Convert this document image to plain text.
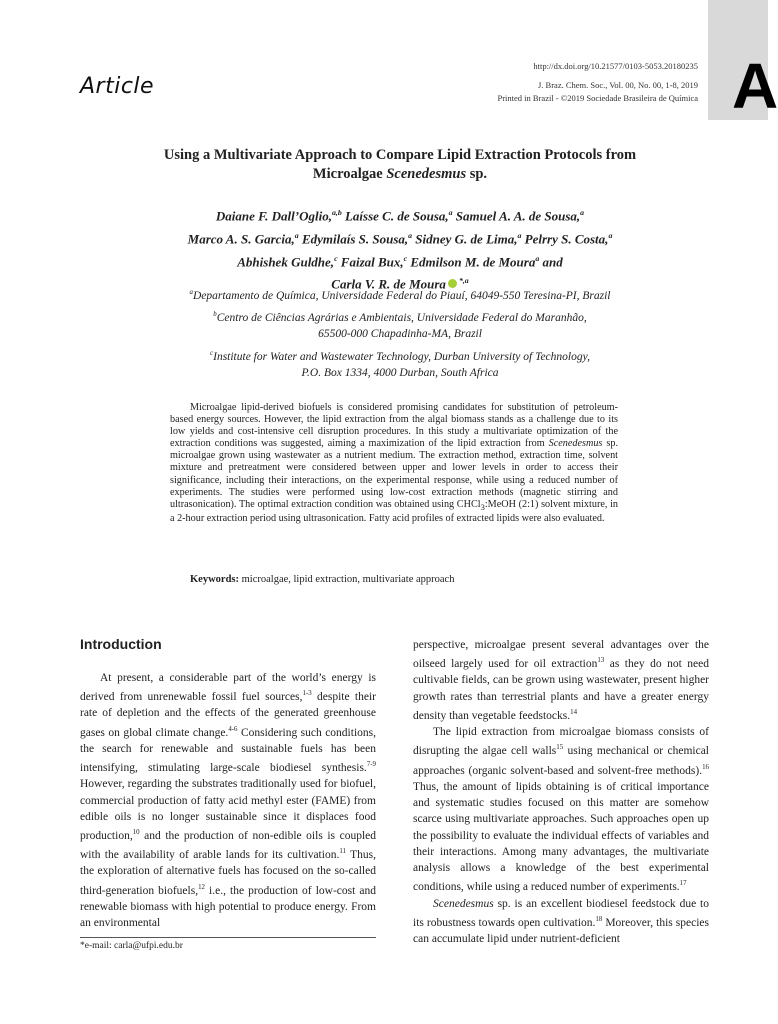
A
Article
http://dx.doi.org/10.21577/0103-5053.20180235
J. Braz. Chem. Soc., Vol. 00, No. 00, 1-8, 2019
Printed in Brazil - ©2019 Sociedade Brasileira de Química
Using a Multivariate Approach to Compare Lipid Extraction Protocols from
Microalgae Scenedesmus sp.
Daiane F. Dall’Oglio,$^{a,b}$ Laísse C. de Sousa,$^a$ Samuel A. A. de Sousa,$^a$
Marco A. S. Garcia,$^a$ Edymilaís S. Sousa,$^a$ Sidney G. de Lima,$^a$ Pelrry S. Costa,$^a$
Abhishek Guldhe,$^c$ Faizal Bux,$^c$ Edmilson M. de Moura$^a$ and
Carla V. R. de Moura $^{*,a}$
$^a$Departamento de Química, Universidade Federal do Piauí, 64049-550 Teresina-PI, Brazil
$^b$Centro de Ciências Agrárias e Ambientais, Universidade Federal do Maranhão,
65500-000 Chapadinha-MA, Brazil
$^c$Institute for Water and Wastewater Technology, Durban University of Technology,
P.O. Box 1334, 4000 Durban, South Africa

Microalgae lipid-derived biofuels is considered promising candidates for substitution of petroleum-based energy sources. However, the lipid extraction from the algal biomass stands as a challenge due to its low yields and cost-intensive cell disruption procedures. In this study a multivariate optimization of the extraction conditions was suggested, aiming a maximization of the lipid extraction from Scenedesmus sp. microalgae grown using wastewater as a nutrient medium. The extraction method, extraction time, solvent mixture and pretreatment were considered between upper and lower levels in order to access their significance, including their interactions, on the experimental response, while using a reduced number of experiments. The studies were performed using low-cost extraction methods (magnetic stirring and ultrasonication). The optimal extraction condition was obtained using CHCl$_3$:MeOH (2:1) solvent mixture, in a 2-hour extraction period using ultrasonication. Fatty acid profiles of extracted lipids were also evaluated.

Keywords: microalgae, lipid extraction, multivariate approach
Introduction

At present, a considerable part of the world’s energy is derived from unrenewable fossil fuel sources,$^{1-3}$ despite their rate of depletion and the effects of the generated greenhouse gases on global climate change.$^{4-6}$ Considering such conditions, the search for renewable and sustainable fuels has been intensifying, stimulating large-scale biodiesel synthesis.$^{7-9}$ However, regarding the substrates traditionally used for biofuel, commercial production of fatty acid methyl ester (FAME) from edible oils is no longer sustainable since it displaces food production,$^{10}$ and the production of non-edible oils is coupled with the availability of arable lands for its cultivation.$^{11}$ Thus, the exploration of alternative fuels has focused on the so-called third-generation biofuels,$^{12}$ i.e., the production of low-cost and renewable biomass with high potential to produce energy. From an environmental

perspective, microalgae present several advantages over the oilseed largely used for oil extraction$^{13}$ as they do not need cultivable fields, can be grown using wastewater, present higher growth rates than terrestrial plants and have a greater energy density than vegetable feedstocks.$^{14}$

The lipid extraction from microalgae biomass consists of disrupting the algae cell walls$^{15}$ using mechanical or chemical approaches (organic solvent-based and solvent-free methods).$^{16}$ Thus, the amount of lipids obtaining is of critical importance and systematic studies focused on this matter are somehow scarce using multivariate approaches. Such approaches open up the possibility to evaluate the individual effects of variables and their interactions. Among many advantages, the multivariate analysis allows a knowledge of the best experimental conditions, while using a reduced number of experiments.$^{17}$

Scenedesmus sp. is an excellent biodiesel feedstock due to its robustness towards open cultivation.$^{18}$ Moreover, this species can accumulate lipid under nutrient-deficient

*e-mail: carla@ufpi.edu.br
